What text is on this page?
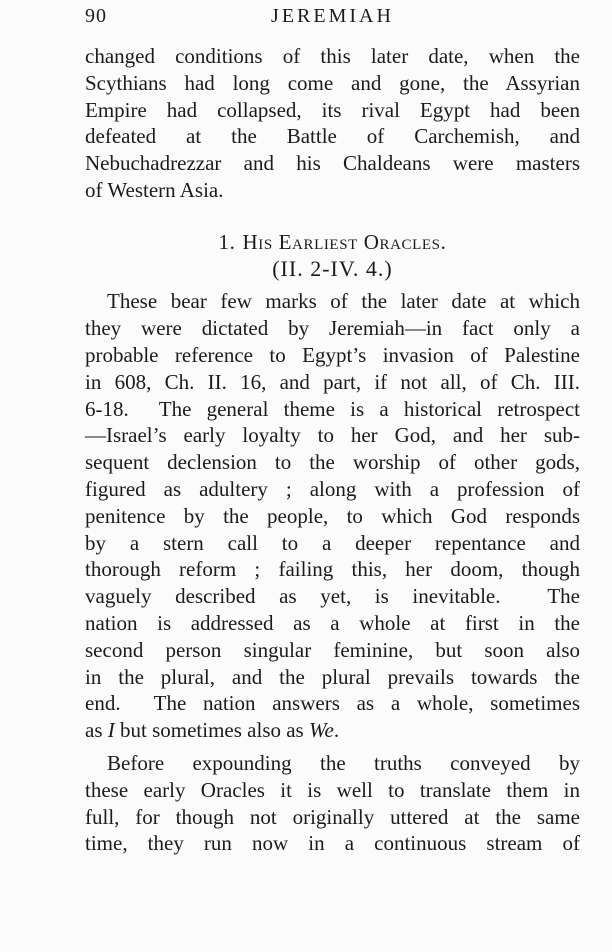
90	JEREMIAH
changed conditions of this later date, when the
Scythians had long come and gone, the Assyrian
Empire had collapsed, its rival Egypt had been
defeated at the Battle of Carchemish, and
Nebuchadrezzar and his Chaldeans were masters
of Western Asia.
1. His Earliest Oracles.
(II. 2-IV. 4.)
These bear few marks of the later date at which
they were dictated by Jeremiah—in fact only a
probable reference to Egypt’s invasion of Palestine
in 608, Ch. II. 16, and part, if not all, of Ch. III.
6-18.  The general theme is a historical retrospect
—Israel’s early loyalty to her God, and her sub-
sequent declension to the worship of other gods,
figured as adultery ; along with a profession of
penitence by the people, to which God responds
by a stern call to a deeper repentance and
thorough reform ; failing this, her doom, though
vaguely described as yet, is inevitable.  The
nation is addressed as a whole at first in the
second person singular feminine, but soon also
in the plural, and the plural prevails towards the
end.  The nation answers as a whole, sometimes
as I but sometimes also as We.
Before expounding the truths conveyed by
these early Oracles it is well to translate them in
full, for though not originally uttered at the same
time, they run now in a continuous stream of
